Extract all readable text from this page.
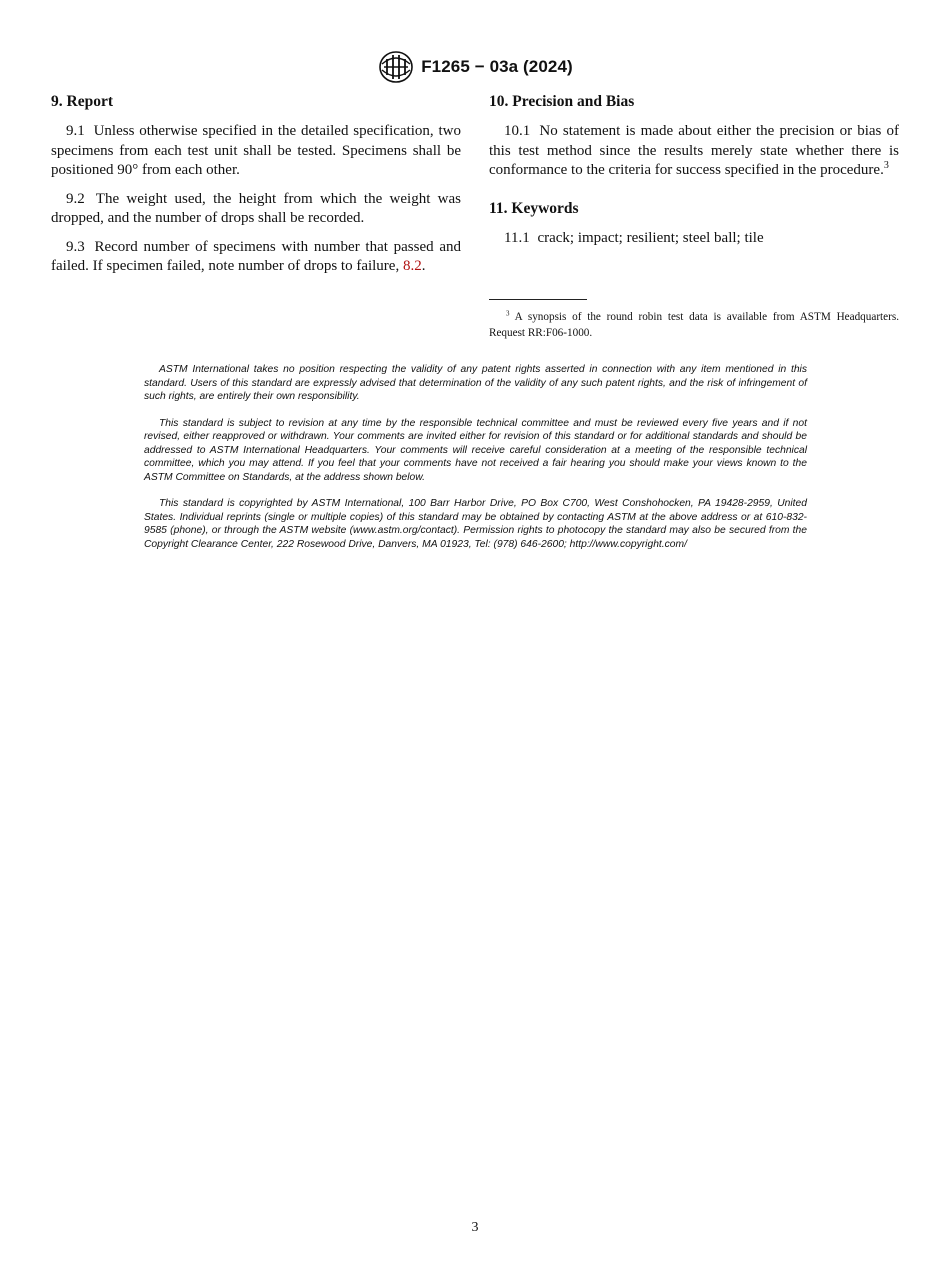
F1265 − 03a (2024)
9. Report

9.1 Unless otherwise specified in the detailed specification, two specimens from each test unit shall be tested. Specimens shall be positioned 90° from each other.

9.2 The weight used, the height from which the weight was dropped, and the number of drops shall be recorded.

9.3 Record number of specimens with number that passed and failed. If specimen failed, note number of drops to failure, 8.2.

10. Precision and Bias

10.1 No statement is made about either the precision or bias of this test method since the results merely state whether there is conformance to the criteria for success specified in the procedure.$^3$

11. Keywords

11.1 crack; impact; resilient; steel ball; tile

$^3$ A synopsis of the round robin test data is available from ASTM Headquarters. Request RR:F06-1000.

ASTM International takes no position respecting the validity of any patent rights asserted in connection with any item mentioned in this standard. Users of this standard are expressly advised that determination of the validity of any such patent rights, and the risk of infringement of such rights, are entirely their own responsibility.

This standard is subject to revision at any time by the responsible technical committee and must be reviewed every five years and if not revised, either reapproved or withdrawn. Your comments are invited either for revision of this standard or for additional standards and should be addressed to ASTM International Headquarters. Your comments will receive careful consideration at a meeting of the responsible technical committee, which you may attend. If you feel that your comments have not received a fair hearing you should make your views known to the ASTM Committee on Standards, at the address shown below.

This standard is copyrighted by ASTM International, 100 Barr Harbor Drive, PO Box C700, West Conshohocken, PA 19428-2959, United States. Individual reprints (single or multiple copies) of this standard may be obtained by contacting ASTM at the above address or at 610-832-9585 (phone), or through the ASTM website (www.astm.org/contact). Permission rights to photocopy the standard may also be secured from the Copyright Clearance Center, 222 Rosewood Drive, Danvers, MA 01923, Tel: (978) 646-2600; http://www.copyright.com/

3
